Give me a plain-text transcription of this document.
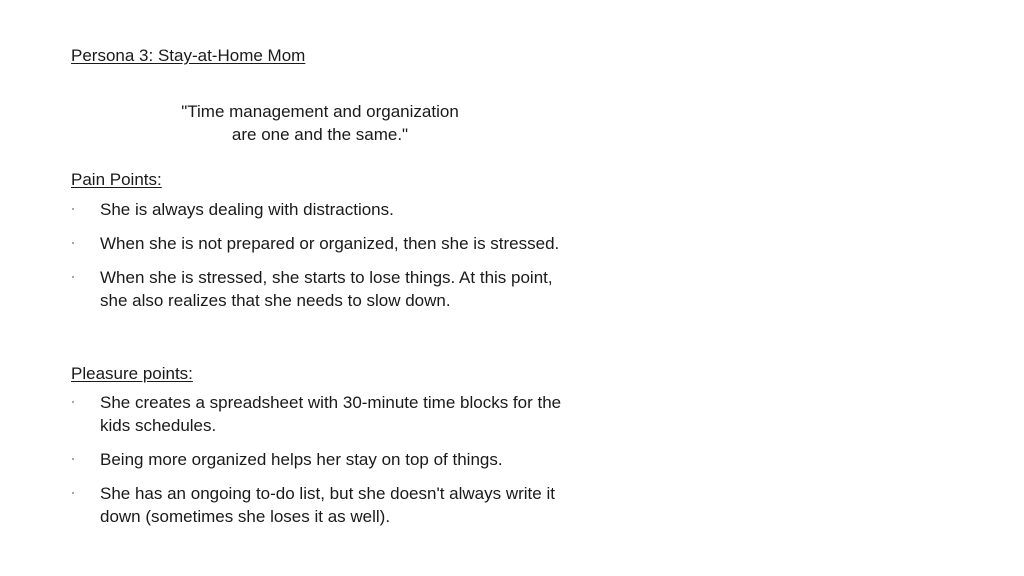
Persona 3: Stay-at-Home Mom
"Time management and organization
are one and the same."
Pain Points:
She is always dealing with distractions.
When she is not prepared or organized, then she is stressed.
When she is stressed, she starts to lose things. At this point, she also realizes that she needs to slow down.
Pleasure points:
She creates a spreadsheet with 30-minute time blocks for the kids schedules.
Being more organized helps her stay on top of things.
She has an ongoing to-do list, but she doesn't always write it down (sometimes she loses it as well).
